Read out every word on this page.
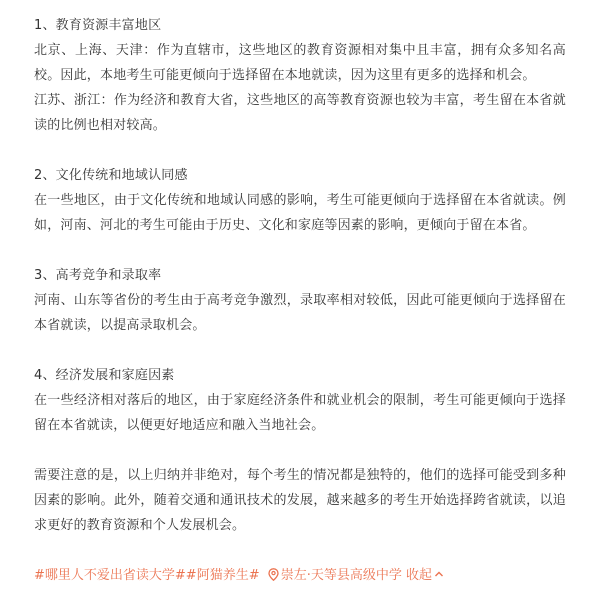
1、教育资源丰富地区

北京、上海、天津：作为直辖市，这些地区的教育资源相对集中且丰富，拥有众多知名高校。因此，本地考生可能更倾向于选择留在本地就读，因为这里有更多的选择和机会。

江苏、浙江：作为经济和教育大省，这些地区的高等教育资源也较为丰富，考生留在本省就读的比例也相对较高。

2、文化传统和地域认同感

在一些地区，由于文化传统和地域认同感的影响，考生可能更倾向于选择留在本省就读。例如，河南、河北的考生可能由于历史、文化和家庭等因素的影响，更倾向于留在本省。

3、高考竞争和录取率

河南、山东等省份的考生由于高考竞争激烈，录取率相对较低，因此可能更倾向于选择留在本省就读，以提高录取机会。

4、经济发展和家庭因素

在一些经济相对落后的地区，由于家庭经济条件和就业机会的限制，考生可能更倾向于选择留在本省就读，以便更好地适应和融入当地社会。

需要注意的是，以上归纳并非绝对，每个考生的情况都是独特的，他们的选择可能受到多种因素的影响。此外，随着交通和通讯技术的发展，越来越多的考生开始选择跨省就读，以追求更好的教育资源和个人发展机会。

#哪里人不爱出省读大学##阿猫养生# 崇左·天等县高级中学 收起
